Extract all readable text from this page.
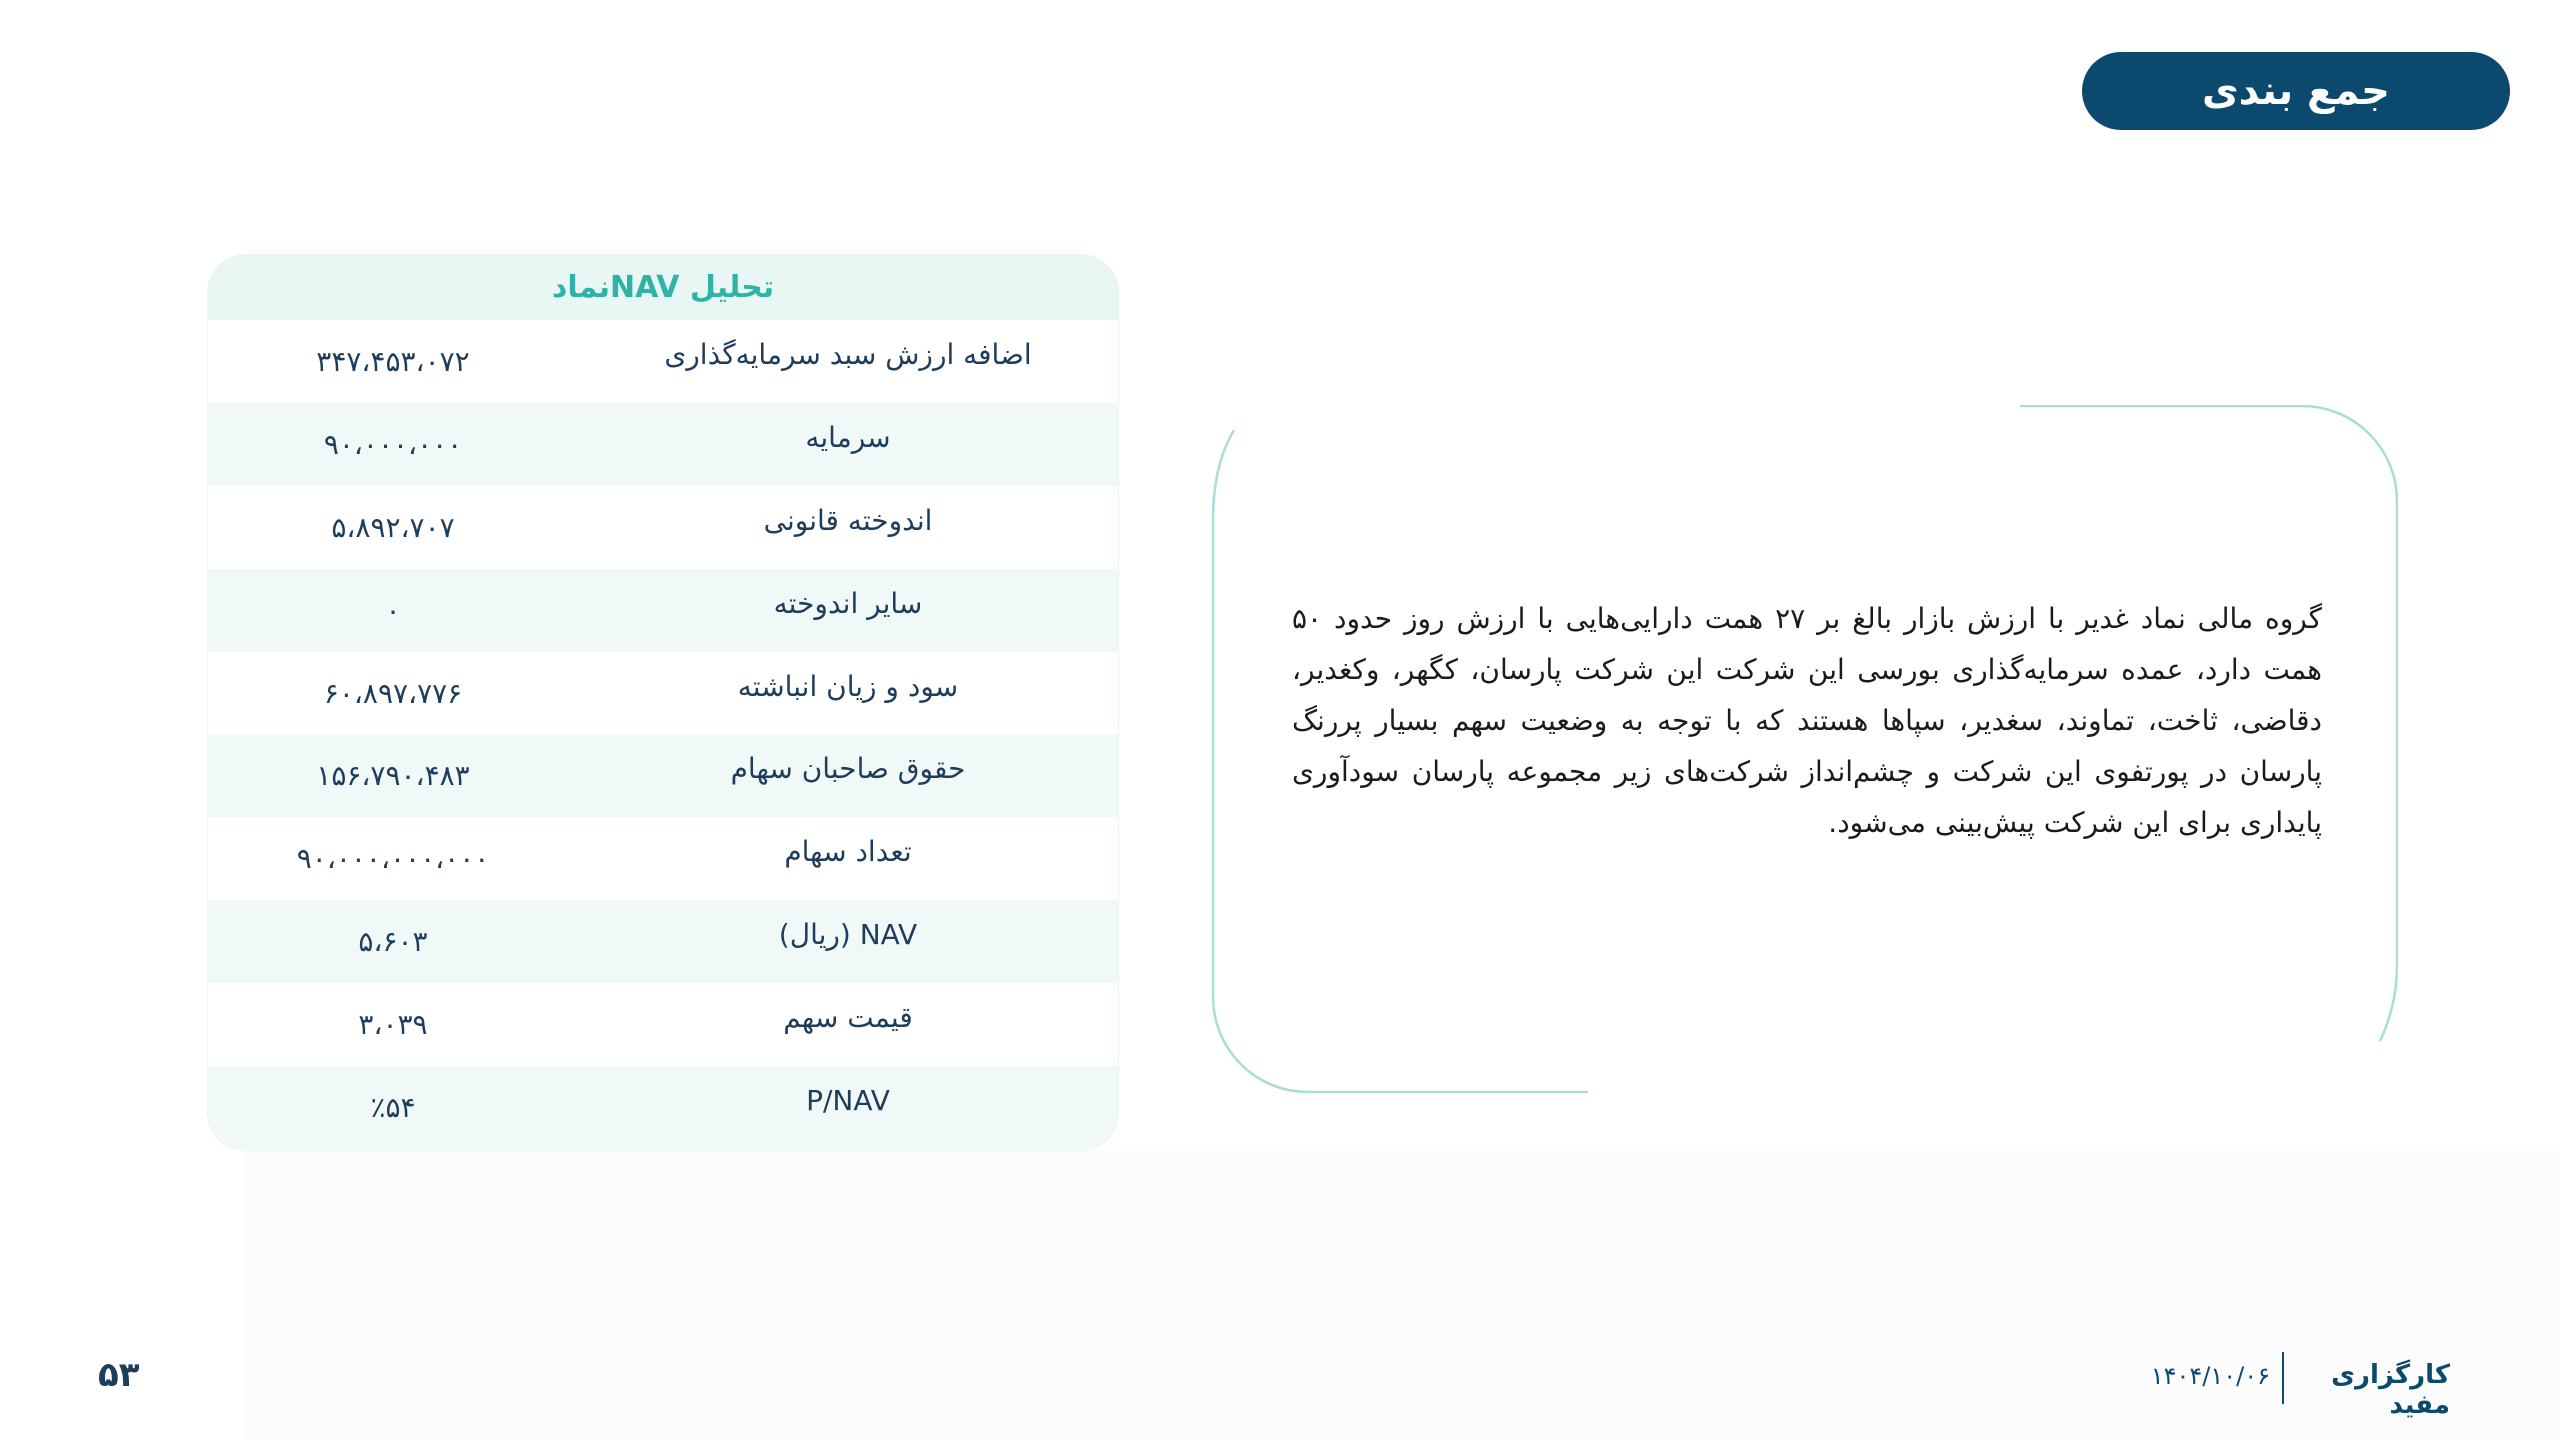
جمع بندی
تحلیل NAVنماد
۳۴۷،۴۵۳،۰۷۲	اضافه ارزش سبد سرمایه‌گذاری
۹۰،۰۰۰،۰۰۰	سرمایه
۵،۸۹۲،۷۰۷	اندوخته قانونی
۰	سایر اندوخته
۶۰،۸۹۷،۷۷۶	سود و زیان انباشته
۱۵۶،۷۹۰،۴۸۳	حقوق صاحبان سهام
۹۰،۰۰۰،۰۰۰،۰۰۰	تعداد سهام
۵،۶۰۳	NAV (ریال)
۳،۰۳۹	قیمت سهم
٪۵۴	P/NAV
گروه مالی نماد غدیر با ارزش بازار بالغ بر ۲۷ همت دارایی‌هایی با ارزش روز حدود ۵۰ همت دارد، عمده سرمایه‌گذاری بورسی این شرکت این شرکت پارسان، کگهر، وکغدیر، دقاضی، ثاخت، تماوند، سغدیر، سپاها هستند که با توجه به وضعیت سهم بسیار پررنگ پارسان در پورتفوی این شرکت و چشم‌انداز شرکت‌های زیر مجموعه پارسان سودآوری پایداری برای این شرکت پیش‌بینی می‌شود.
۵۳	کارگزاری مفید
۱۴۰۴/۱۰/۰۶
